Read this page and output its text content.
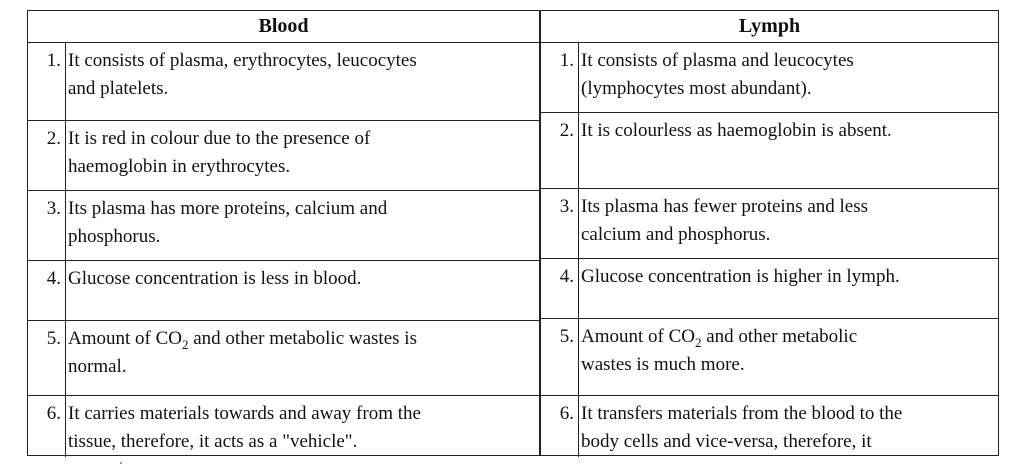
Blood
1. It consists of plasma, erythrocytes, leucocytes
and platelets.
2. It is red in colour due to the presence of
haemoglobin in erythrocytes.
3. Its plasma has more proteins, calcium and
phosphorus.
4. Glucose concentration is less in blood.
5. Amount of $CO_2$ and other metabolic wastes is
normal.
6. It carries materials towards and away from the
tissue, therefore, it acts as a "vehicle".
Lymph
1. It consists of plasma and leucocytes
(lymphocytes most abundant).
2. It is colourless as haemoglobin is absent.
3. Its plasma has fewer proteins and less
calcium and phosphorus.
4. Glucose concentration is higher in lymph.
5. Amount of $CO_2$ and other metabolic
wastes is much more.
6. It transfers materials from the blood to the
body cells and vice-versa, therefore, it
